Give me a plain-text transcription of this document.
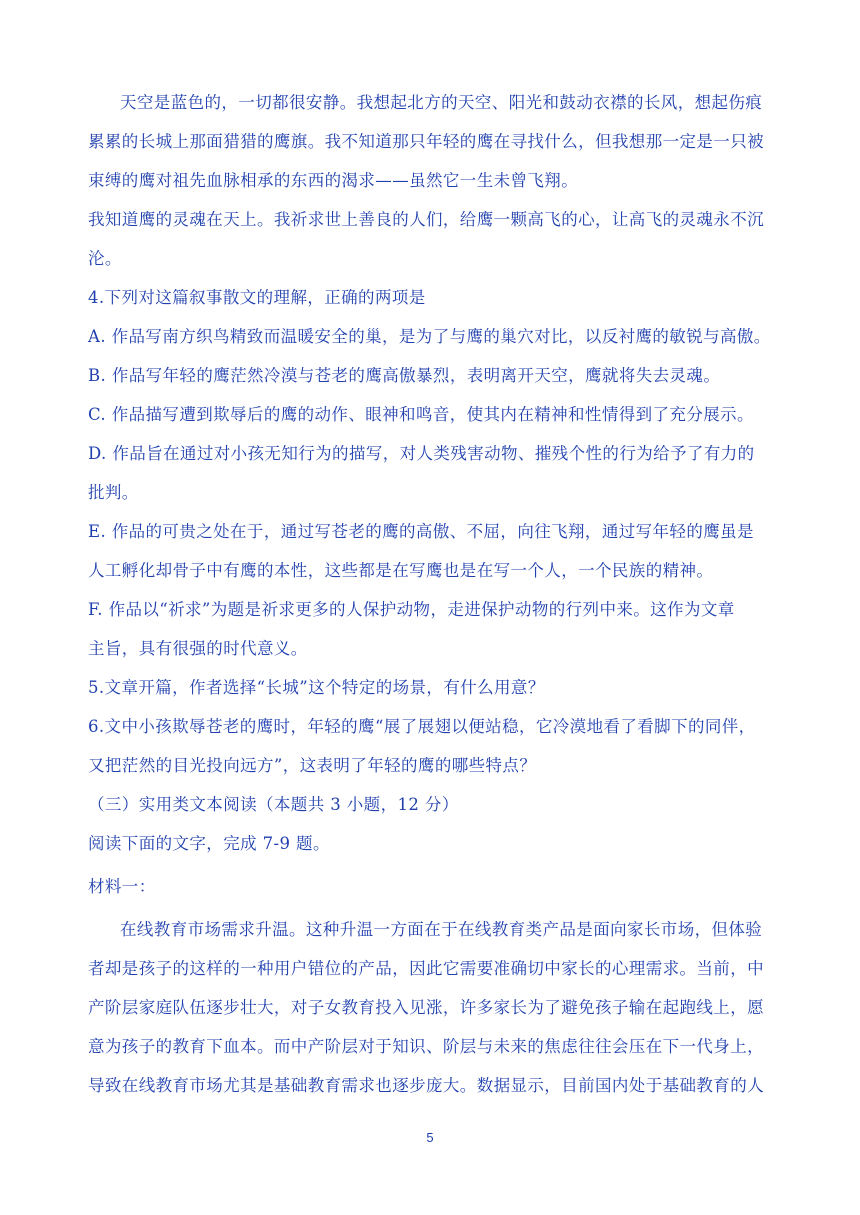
天空是蓝色的，一切都很安静。我想起北方的天空、阳光和鼓动衣襟的长风，想起伤痕
累累的长城上那面猎猎的鹰旗。我不知道那只年轻的鹰在寻找什么，但我想那一定是一只被
束缚的鹰对祖先血脉相承的东西的渴求——虽然它一生未曾飞翔。
我知道鹰的灵魂在天上。我祈求世上善良的人们，给鹰一颗高飞的心，让高飞的灵魂永不沉
沦。
4.下列对这篇叙事散文的理解，正确的两项是
A. 作品写南方织鸟精致而温暖安全的巢，是为了与鹰的巢穴对比，以反衬鹰的敏锐与高傲。
B. 作品写年轻的鹰茫然冷漠与苍老的鹰高傲暴烈，表明离开天空，鹰就将失去灵魂。
C. 作品描写遭到欺辱后的鹰的动作、眼神和鸣音，使其内在精神和性情得到了充分展示。
D. 作品旨在通过对小孩无知行为的描写，对人类残害动物、摧残个性的行为给予了有力的
批判。
E. 作品的可贵之处在于，通过写苍老的鹰的高傲、不屈，向往飞翔，通过写年轻的鹰虽是
人工孵化却骨子中有鹰的本性，这些都是在写鹰也是在写一个人，一个民族的精神。
F. 作品以“祈求”为题是祈求更多的人保护动物，走进保护动物的行列中来。这作为文章
主旨，具有很强的时代意义。
5.文章开篇，作者选择“长城”这个特定的场景，有什么用意？
6.文中小孩欺辱苍老的鹰时，年轻的鹰“展了展翅以便站稳，它冷漠地看了看脚下的同伴，
又把茫然的目光投向远方”，这表明了年轻的鹰的哪些特点？
（三）实用类文本阅读（本题共 3 小题，12 分）
阅读下面的文字，完成 7-9 题。
材料一：
在线教育市场需求升温。这种升温一方面在于在线教育类产品是面向家长市场，但体验
者却是孩子的这样的一种用户错位的产品，因此它需要准确切中家长的心理需求。当前，中
产阶层家庭队伍逐步壮大，对子女教育投入见涨，许多家长为了避免孩子输在起跑线上，愿
意为孩子的教育下血本。而中产阶层对于知识、阶层与未来的焦虑往往会压在下一代身上，
导致在线教育市场尤其是基础教育需求也逐步庞大。数据显示，目前国内处于基础教育的人
5
